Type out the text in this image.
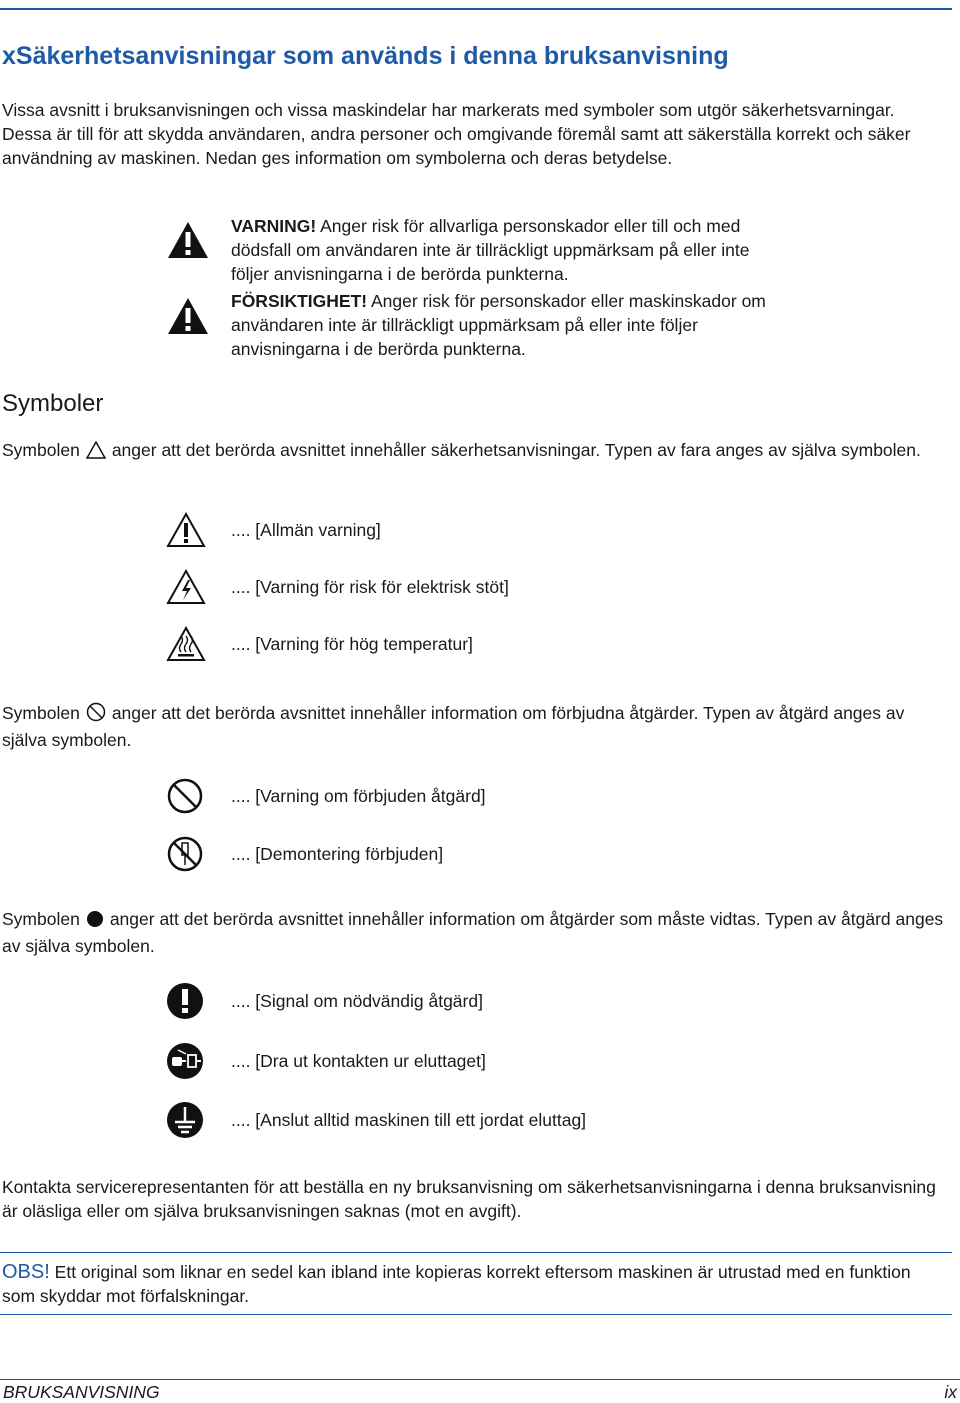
xSäkerhetsanvisningar som används i denna bruksanvisning
Vissa avsnitt i bruksanvisningen och vissa maskindelar har markerats med symboler som utgör säkerhetsvarningar. Dessa är till för att skydda användaren, andra personer och omgivande föremål samt att säkerställa korrekt och säker användning av maskinen. Nedan ges information om symbolerna och deras betydelse.
VARNING! Anger risk för allvarliga personskador eller till och med dödsfall om användaren inte är tillräckligt uppmärksam på eller inte följer anvisningarna i de berörda punkterna.
FÖRSIKTIGHET! Anger risk för personskador eller maskinskador om användaren inte är tillräckligt uppmärksam på eller inte följer anvisningarna i de berörda punkterna.
Symboler
Symbolen anger att det berörda avsnittet innehåller säkerhetsanvisningar. Typen av fara anges av själva symbolen.
.... [Allmän varning]
.... [Varning för risk för elektrisk stöt]
.... [Varning för hög temperatur]
Symbolen anger att det berörda avsnittet innehåller information om förbjudna åtgärder. Typen av åtgärd anges av själva symbolen.
.... [Varning om förbjuden åtgärd]
.... [Demontering förbjuden]
Symbolen anger att det berörda avsnittet innehåller information om åtgärder som måste vidtas. Typen av åtgärd anges av själva symbolen.
.... [Signal om nödvändig åtgärd]
.... [Dra ut kontakten ur eluttaget]
.... [Anslut alltid maskinen till ett jordat eluttag]
Kontakta servicerepresentanten för att beställa en ny bruksanvisning om säkerhetsanvisningarna i denna bruksanvisning är oläsliga eller om själva bruksanvisningen saknas (mot en avgift).
OBS! Ett original som liknar en sedel kan ibland inte kopieras korrekt eftersom maskinen är utrustad med en funktion som skyddar mot förfalskningar.
BRUKSANVISNING	ix
